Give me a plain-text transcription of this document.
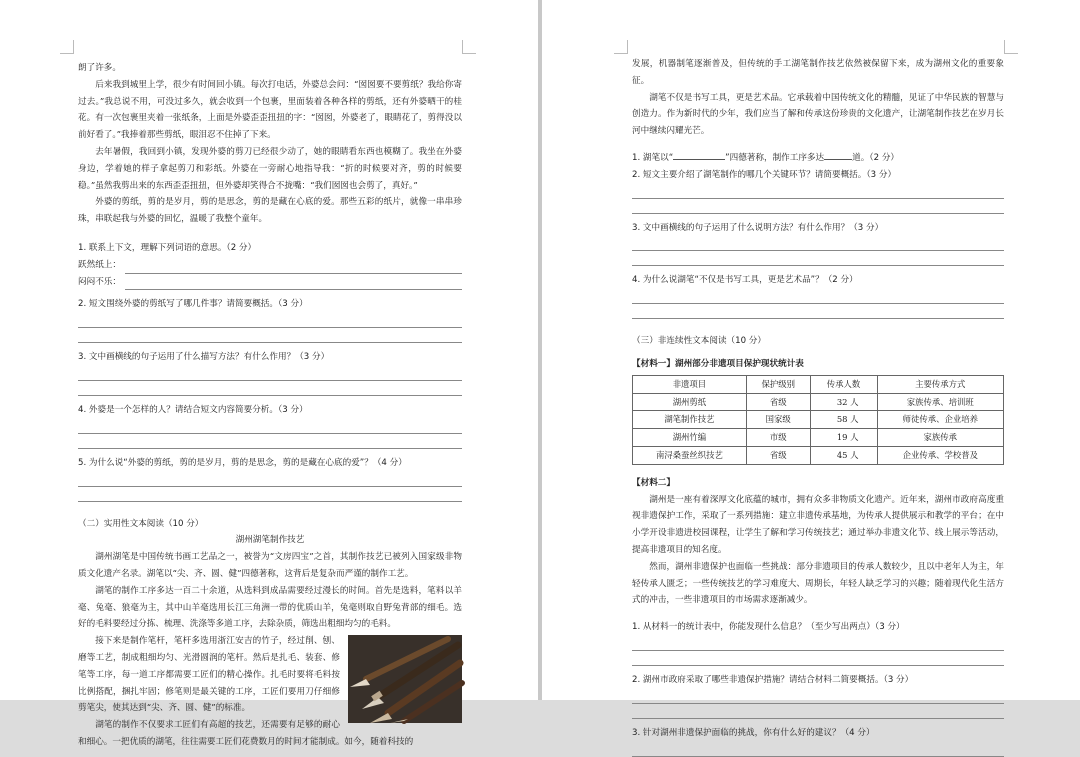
朗了许多。

后来我到城里上学，很少有时间回小镇。每次打电话，外婆总会问：“囡囡要不要剪纸？我给你寄过去。”我总说不用，可没过多久，就会收到一个包裹，里面装着各种各样的剪纸，还有外婆晒干的桂花。有一次包裹里夹着一张纸条，上面是外婆歪歪扭扭的字：“囡囡，外婆老了，眼睛花了，剪得没以前好看了。”我捧着那些剪纸，眼泪忍不住掉了下来。

去年暑假，我回到小镇，发现外婆的剪刀已经很少动了，她的眼睛看东西也模糊了。我坐在外婆身边，学着她的样子拿起剪刀和彩纸。外婆在一旁耐心地指导我：“折的时候要对齐，剪的时候要稳。”虽然我剪出来的东西歪歪扭扭，但外婆却笑得合不拢嘴：“我们囡囡也会剪了，真好。”

外婆的剪纸，剪的是岁月，剪的是思念，剪的是藏在心底的爱。那些五彩的纸片，就像一串串珍珠，串联起我与外婆的回忆，温暖了我整个童年。

1. 联系上下文，理解下列词语的意思。（2 分）
跃然纸上：
闷闷不乐：
2. 短文围绕外婆的剪纸写了哪几件事？请简要概括。（3 分）
3. 文中画横线的句子运用了什么描写方法？有什么作用？（3 分）
4. 外婆是一个怎样的人？请结合短文内容简要分析。（3 分）
5. 为什么说“外婆的剪纸，剪的是岁月，剪的是思念，剪的是藏在心底的爱”？（4 分）
（二）实用性文本阅读（10 分）
湖州湖笔制作技艺

湖州湖笔是中国传统书画工艺品之一，被誉为“文房四宝”之首，其制作技艺已被列入国家级非物质文化遗产名录。湖笔以“尖、齐、圆、健”四德著称，这背后是复杂而严谨的制作工艺。

湖笔的制作工序多达一百二十余道，从选料到成品需要经过漫长的时间。首先是选料，笔料以羊毫、兔毫、狼毫为主，其中山羊毫选用长江三角洲一带的优质山羊，兔毫则取自野兔背部的细毛。选好的毛料要经过分拣、梳理、洗涤等多道工序，去除杂质，筛选出粗细均匀的毛料。

接下来是制作笔杆，笔杆多选用浙江安吉的竹子，经过削、刨、磨等工艺，制成粗细均匀、光滑圆润的笔杆。然后是扎毛、装套、修笔等工序，每一道工序都需要工匠们的精心操作。扎毛时要将毛料按比例搭配，捆扎牢固；修笔则是最关键的工序，工匠们要用刀仔细修剪笔尖，使其达到“尖、齐、圆、健”的标准。

湖笔的制作不仅要求工匠们有高超的技艺，还需要有足够的耐心和细心。一把优质的湖笔，往往需要工匠们花费数月的时间才能制成。如今，随着科技的

发展，机器制笔逐渐普及，但传统的手工湖笔制作技艺依然被保留下来，成为湖州文化的重要象征。

湖笔不仅是书写工具，更是艺术品。它承载着中国传统文化的精髓，见证了中华民族的智慧与创造力。作为新时代的少年，我们应当了解和传承这份珍贵的文化遗产，让湖笔制作技艺在岁月长河中继续闪耀光芒。

1. 湖笔以“	”四德著称，制作工序多达	道。（2 分）
2. 短文主要介绍了湖笔制作的哪几个关键环节？请简要概括。（3 分）
3. 文中画横线的句子运用了什么说明方法？有什么作用？（3 分）
4. 为什么说湖笔“不仅是书写工具，更是艺术品”？（2 分）
（三）非连续性文本阅读（10 分）
【材料一】湖州部分非遗项目保护现状统计表
非遗项目	保护级别	传承人数	主要传承方式
湖州剪纸	省级	32 人	家族传承、培训班
湖笔制作技艺	国家级	58 人	师徒传承、企业培养
湖州竹编	市级	19 人	家族传承
南浔桑蚕丝织技艺	省级	45 人	企业传承、学校普及
【材料二】

湖州是一座有着深厚文化底蕴的城市，拥有众多非物质文化遗产。近年来，湖州市政府高度重视非遗保护工作，采取了一系列措施：建立非遗传承基地，为传承人提供展示和教学的平台；在中小学开设非遗进校园课程，让学生了解和学习传统技艺；通过举办非遗文化节、线上展示等活动，提高非遗项目的知名度。

然而，湖州非遗保护也面临一些挑战：部分非遗项目的传承人数较少，且以中老年人为主，年轻传承人匮乏；一些传统技艺的学习难度大、周期长，年轻人缺乏学习的兴趣；随着现代化生活方式的冲击，一些非遗项目的市场需求逐渐减少。

1. 从材料一的统计表中，你能发现什么信息？（至少写出两点）（3 分）
2. 湖州市政府采取了哪些非遗保护措施？请结合材料二简要概括。（3 分）
3. 针对湖州非遗保护面临的挑战，你有什么好的建议？（4 分）
